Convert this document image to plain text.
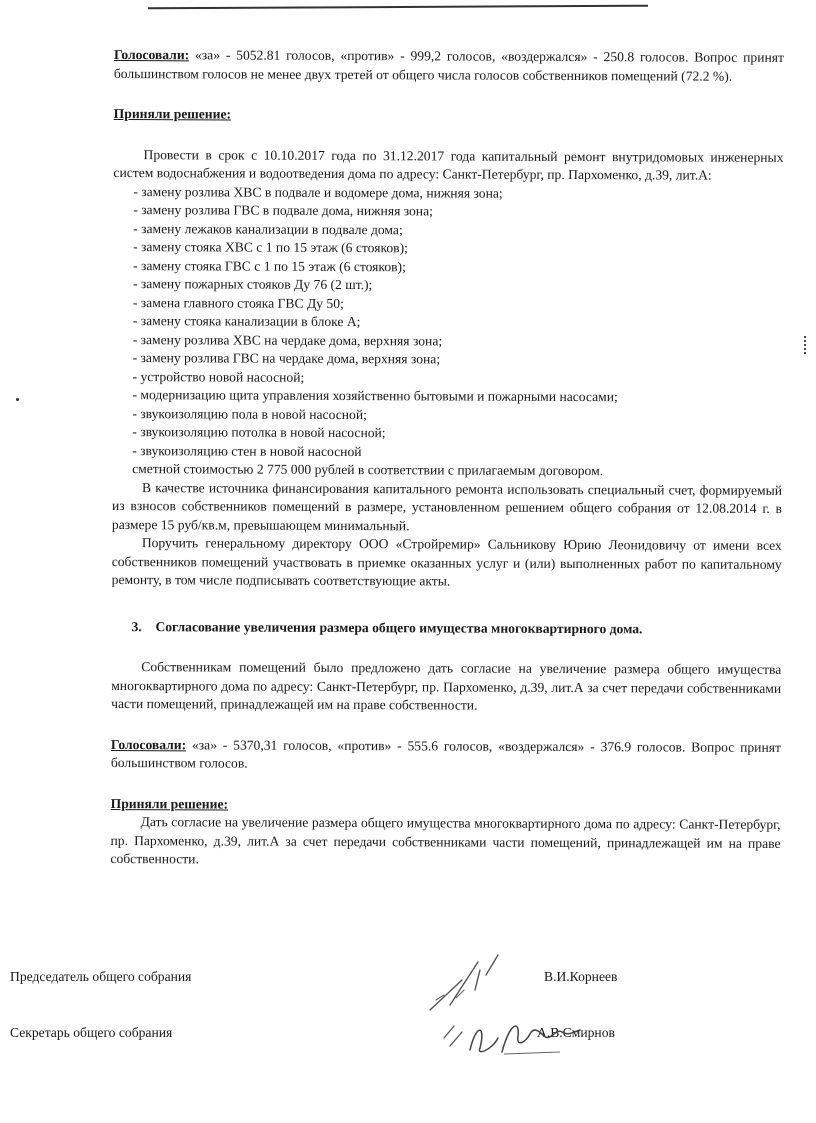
Голосовали: «за» - 5052.81 голосов, «против» - 999,2 голосов, «воздержался» - 250.8 голосов. Вопрос принят большинством голосов не менее двух третей от общего числа голосов собственников помещений (72.2 %).

Приняли решение:

Провести в срок с 10.10.2017 года по 31.12.2017 года капитальный ремонт внутридомовых инженерных систем водоснабжения и водоотведения дома по адресу: Санкт-Петербург, пр. Пархоменко, д.39, лит.А:

- замену розлива ХВС в подвале и водомере дома, нижняя зона;
- замену розлива ГВС в подвале дома, нижняя зона;
- замену лежаков канализации в подвале дома;
- замену стояка ХВС с 1 по 15 этаж (6 стояков);
- замену стояка ГВС с 1 по 15 этаж (6 стояков);
- замену пожарных стояков Ду 76 (2 шт.);
- замена главного стояка ГВС Ду 50;
- замену стояка канализации в блоке А;
- замену розлива ХВС на чердаке дома, верхняя зона;
- замену розлива ГВС на чердаке дома, верхняя зона;
- устройство новой насосной;
- модернизацию щита управления хозяйственно бытовыми и пожарными насосами;
- звукоизоляцию пола в новой насосной;
- звукоизоляцию потолка в новой насосной;
- звукоизоляцию стен в новой насосной

сметной стоимостью 2 775 000 рублей в соответствии с прилагаемым договором.

В качестве источника финансирования капитального ремонта использовать специальный счет, формируемый из взносов собственников помещений в размере, установленном решением общего собрания от 12.08.2014 г. в размере 15 руб/кв.м, превышающем минимальный.

Поручить генеральному директору ООО «Стройремир» Сальникову Юрию Леонидовичу от имени всех собственников помещений участвовать в приемке оказанных услуг и (или) выполненных работ по капитальному ремонту, в том числе подписывать соответствующие акты.

3. Согласование увеличения размера общего имущества многоквартирного дома.

Собственникам помещений было предложено дать согласие на увеличение размера общего имущества многоквартирного дома по адресу: Санкт-Петербург, пр. Пархоменко, д.39, лит.А за счет передачи собственниками части помещений, принадлежащей им на праве собственности.

Голосовали: «за» - 5370,31 голосов, «против» - 555.6 голосов, «воздержался» - 376.9 голосов. Вопрос принят большинством голосов.

Приняли решение:

Дать согласие на увеличение размера общего имущества многоквартирного дома по адресу: Санкт-Петербург, пр. Пархоменко, д.39, лит.А за счет передачи собственниками части помещений, принадлежащей им на праве собственности.

Председатель общего собрания	В.И.Корнеев
Секретарь общего собрания	А.В.Смирнов
